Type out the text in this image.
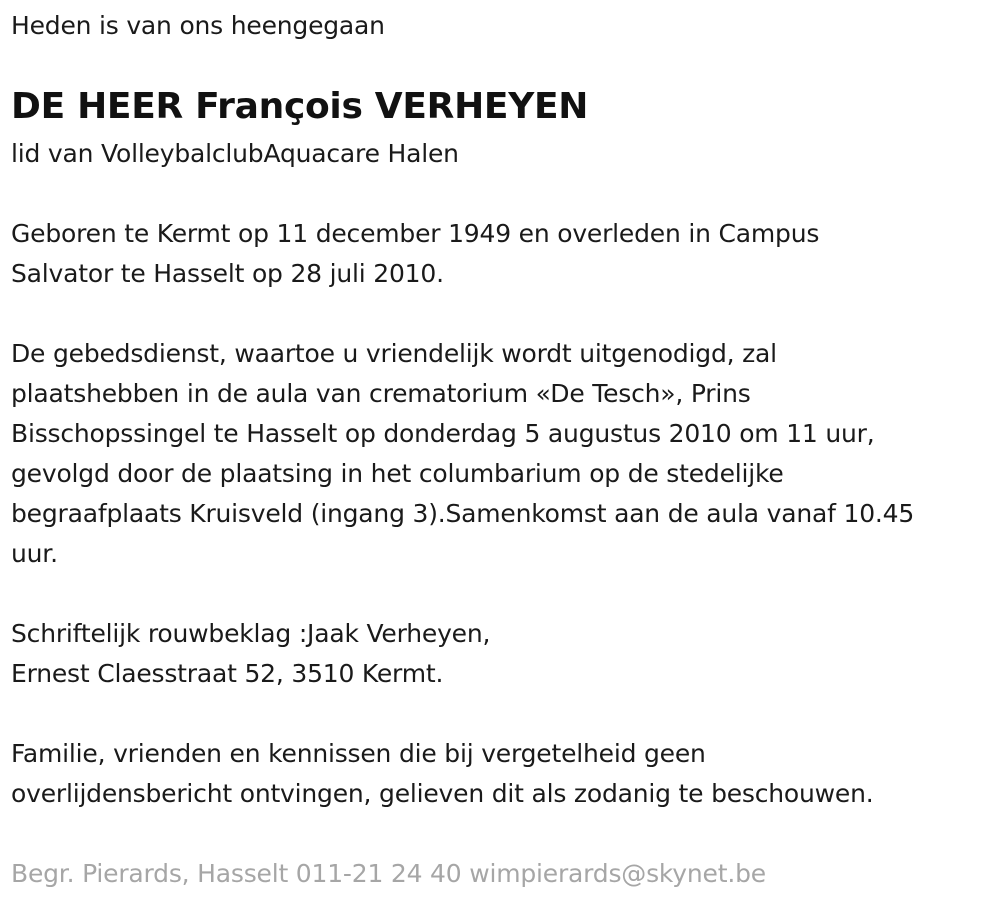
Heden is van ons heengegaan
DE HEER François VERHEYEN
lid van VolleybalclubAquacare Halen
Geboren te Kermt op 11 december 1949 en overleden in Campus
Salvator te Hasselt op 28 juli 2010.
De gebedsdienst, waartoe u vriendelijk wordt uitgenodigd, zal
plaatshebben in de aula van crematorium «De Tesch», Prins
Bisschopssingel te Hasselt op donderdag 5 augustus 2010 om 11 uur,
gevolgd door de plaatsing in het columbarium op de stedelijke
begraafplaats Kruisveld (ingang 3).Samenkomst aan de aula vanaf 10.45
uur.
Schriftelijk rouwbeklag :Jaak Verheyen,
Ernest Claesstraat 52, 3510 Kermt.
Familie, vrienden en kennissen die bij vergetelheid geen
overlijdensbericht ontvingen, gelieven dit als zodanig te beschouwen.
Begr. Pierards, Hasselt 011-21 24 40 wimpierards@skynet.be
